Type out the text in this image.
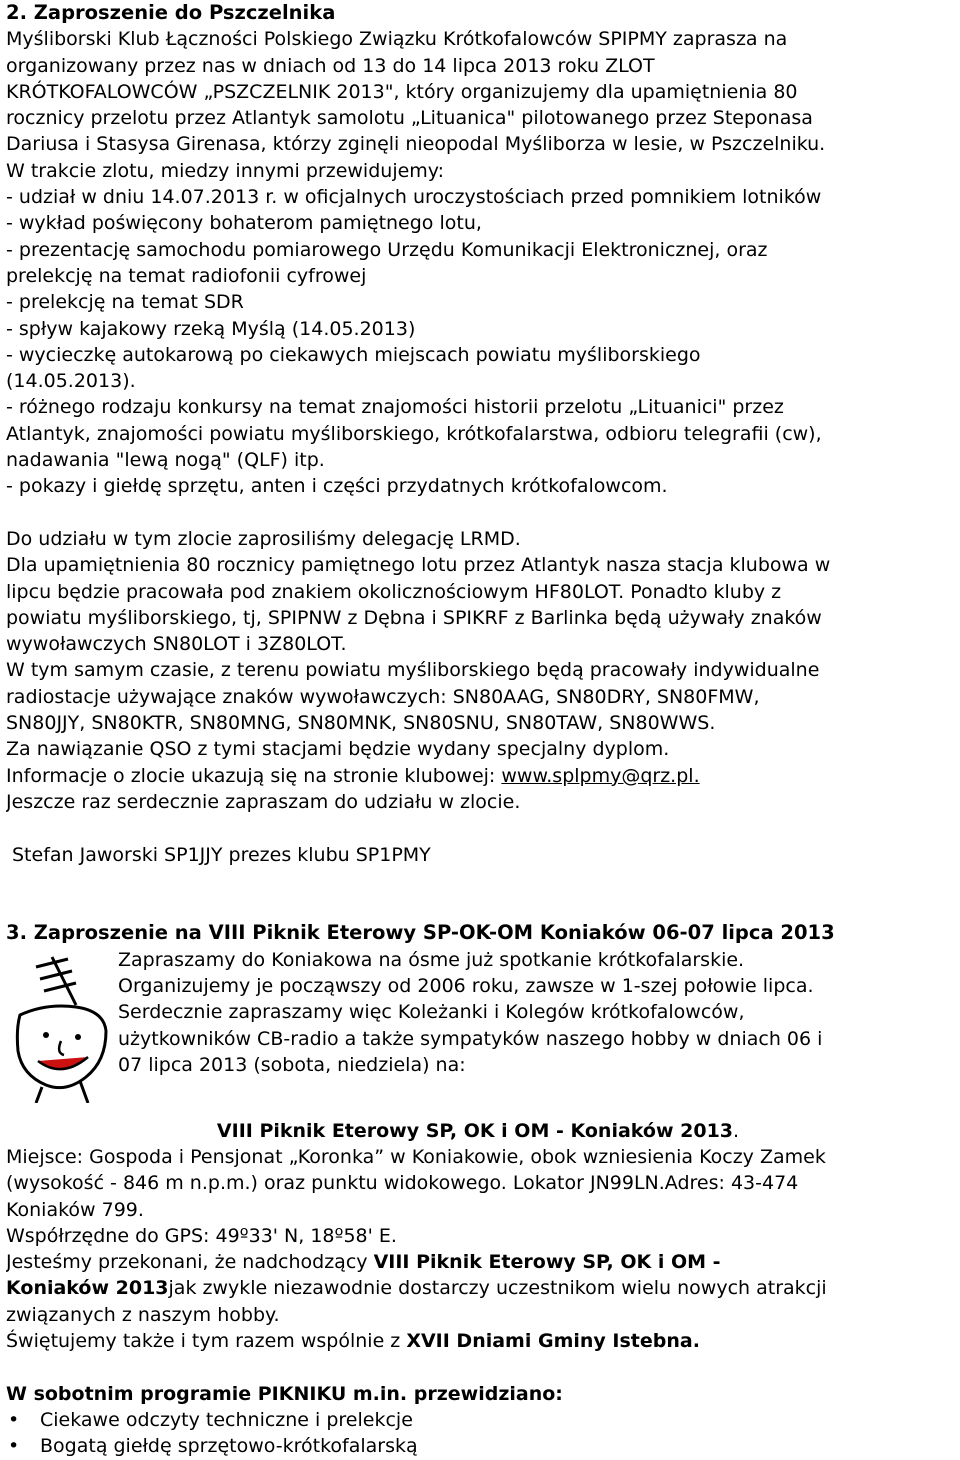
2. Zaproszenie do Pszczelnika
Myśliborski Klub Łączności Polskiego Związku Krótkofalowców SPIPMY zaprasza na
organizowany przez nas w dniach od 13 do 14 lipca 2013 roku ZLOT
KRÓTKOFALOWCÓW „PSZCZELNIK 2013", który organizujemy dla upamiętnienia 80
rocznicy przelotu przez Atlantyk samolotu „Lituanica" pilotowanego przez Steponasa
Dariusa i Stasysa Girenasa, którzy zginęli nieopodal Myśliborza w lesie, w Pszczelniku.
W trakcie zlotu, miedzy innymi przewidujemy:
- udział w dniu 14.07.2013 r. w oficjalnych uroczystościach przed pomnikiem lotników
- wykład poświęcony bohaterom pamiętnego lotu,
- prezentację samochodu pomiarowego Urzędu Komunikacji Elektronicznej, oraz
prelekcję na temat radiofonii cyfrowej
- prelekcję na temat SDR
- spływ kajakowy rzeką Myślą (14.05.2013)
- wycieczkę autokarową po ciekawych miejscach powiatu myśliborskiego
(14.05.2013).
- różnego rodzaju konkursy na temat znajomości historii przelotu „Lituanici" przez
Atlantyk, znajomości powiatu myśliborskiego, krótkofalarstwa, odbioru telegrafii (cw),
nadawania "lewą nogą" (QLF) itp.
- pokazy i giełdę sprzętu, anten i części przydatnych krótkofalowcom.
Do udziału w tym zlocie zaprosiliśmy delegację LRMD.
Dla upamiętnienia 80 rocznicy pamiętnego lotu przez Atlantyk nasza stacja klubowa w
lipcu będzie pracowała pod znakiem okolicznościowym HF80LOT. Ponadto kluby z
powiatu myśliborskiego, tj, SPIPNW z Dębna i SPIKRF z Barlinka będą używały znaków
wywoławczych SN80LOT i 3Z80LOT.
W tym samym czasie, z terenu powiatu myśliborskiego będą pracowały indywidualne
radiostacje używające znaków wywoławczych: SN80AAG, SN80DRY, SN80FMW,
SN80JJY, SN80KTR, SN80MNG, SN80MNK, SN80SNU, SN80TAW, SN80WWS.
Za nawiązanie QSO z tymi stacjami będzie wydany specjalny dyplom.
Informacje o zlocie ukazują się na stronie klubowej: www.splpmy@qrz.pl.
Jeszcze raz serdecznie zapraszam do udziału w zlocie.
Stefan Jaworski SP1JJY prezes klubu SP1PMY
3. Zaproszenie na VIII Piknik Eterowy SP-OK-OM Koniaków 06-07 lipca 2013
Zapraszamy do Koniakowa na ósme już spotkanie krótkofalarskie.
Organizujemy je począwszy od 2006 roku, zawsze w 1-szej połowie lipca.
Serdecznie zapraszamy więc Koleżanki i Kolegów krótkofalowców,
użytkowników CB-radio a także sympatyków naszego hobby w dniach 06 i
07 lipca 2013 (sobota, niedziela) na:
VIII Piknik Eterowy SP, OK i OM - Koniaków 2013.
Miejsce: Gospoda i Pensjonat „Koronka” w Koniakowie, obok wzniesienia Koczy Zamek
(wysokość - 846 m n.p.m.) oraz punktu widokowego. Lokator JN99LN.Adres: 43-474
Koniaków 799.
Współrzędne do GPS: 49º33' N, 18º58' E.
Jesteśmy przekonani, że nadchodzący VIII Piknik Eterowy SP, OK i OM -
Koniaków 2013jak zwykle niezawodnie dostarczy uczestnikom wielu nowych atrakcji
związanych z naszym hobby.
Świętujemy także i tym razem wspólnie z XVII Dniami Gminy Istebna.
W sobotnim programie PIKNIKU m.in. przewidziano:
• Ciekawe odczyty techniczne i prelekcje
• Bogatą giełdę sprzętowo-krótkofalarską
